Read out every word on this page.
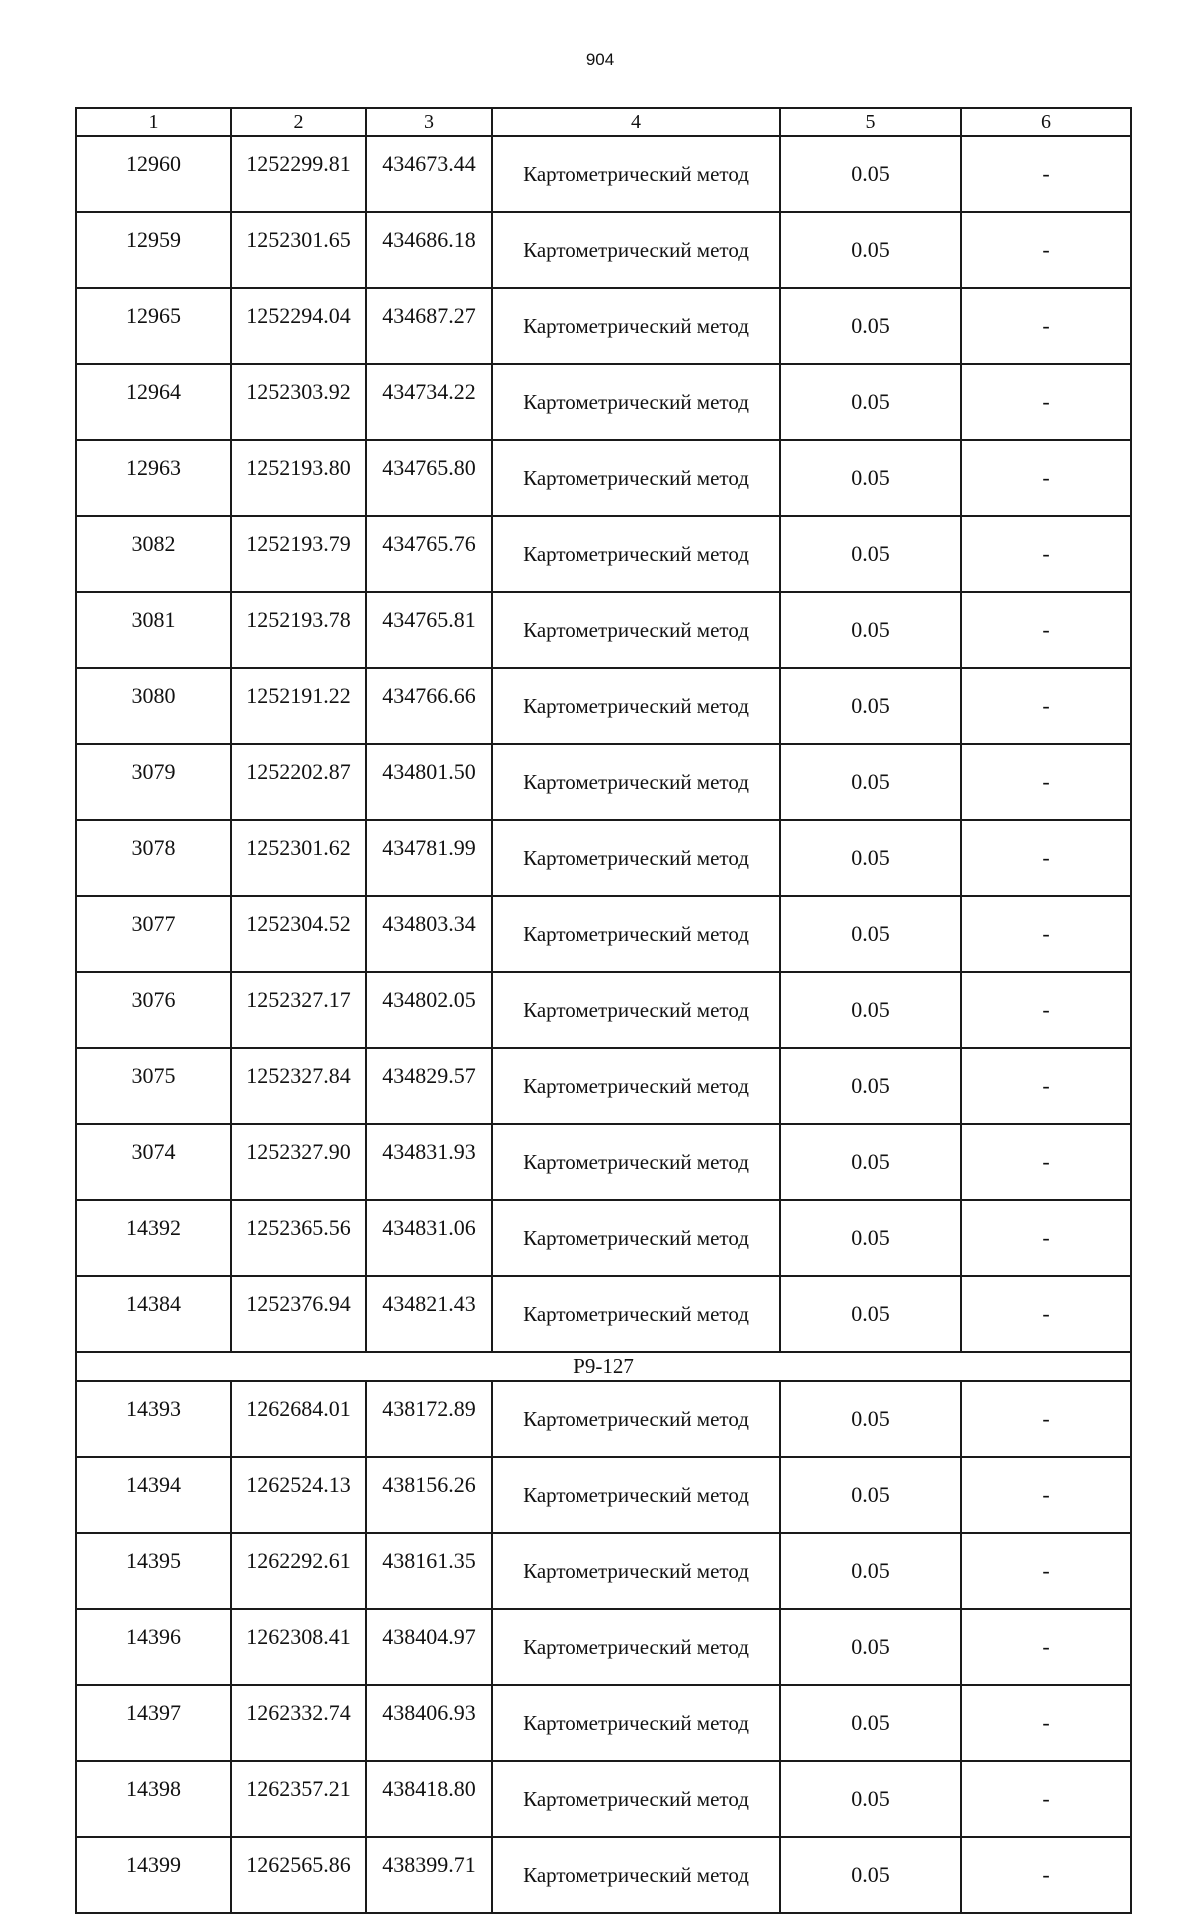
904
1	2	3	4	5	6
12960	1252299.81	434673.44	Картометрический метод	0.05	-
12959	1252301.65	434686.18	Картометрический метод	0.05	-
12965	1252294.04	434687.27	Картометрический метод	0.05	-
12964	1252303.92	434734.22	Картометрический метод	0.05	-
12963	1252193.80	434765.80	Картометрический метод	0.05	-
3082	1252193.79	434765.76	Картометрический метод	0.05	-
3081	1252193.78	434765.81	Картометрический метод	0.05	-
3080	1252191.22	434766.66	Картометрический метод	0.05	-
3079	1252202.87	434801.50	Картометрический метод	0.05	-
3078	1252301.62	434781.99	Картометрический метод	0.05	-
3077	1252304.52	434803.34	Картометрический метод	0.05	-
3076	1252327.17	434802.05	Картометрический метод	0.05	-
3075	1252327.84	434829.57	Картометрический метод	0.05	-
3074	1252327.90	434831.93	Картометрический метод	0.05	-
14392	1252365.56	434831.06	Картометрический метод	0.05	-
14384	1252376.94	434821.43	Картометрический метод	0.05	-
Р9-127					
14393	1262684.01	438172.89	Картометрический метод	0.05	-
14394	1262524.13	438156.26	Картометрический метод	0.05	-
14395	1262292.61	438161.35	Картометрический метод	0.05	-
14396	1262308.41	438404.97	Картометрический метод	0.05	-
14397	1262332.74	438406.93	Картометрический метод	0.05	-
14398	1262357.21	438418.80	Картометрический метод	0.05	-
14399	1262565.86	438399.71	Картометрический метод	0.05	-
